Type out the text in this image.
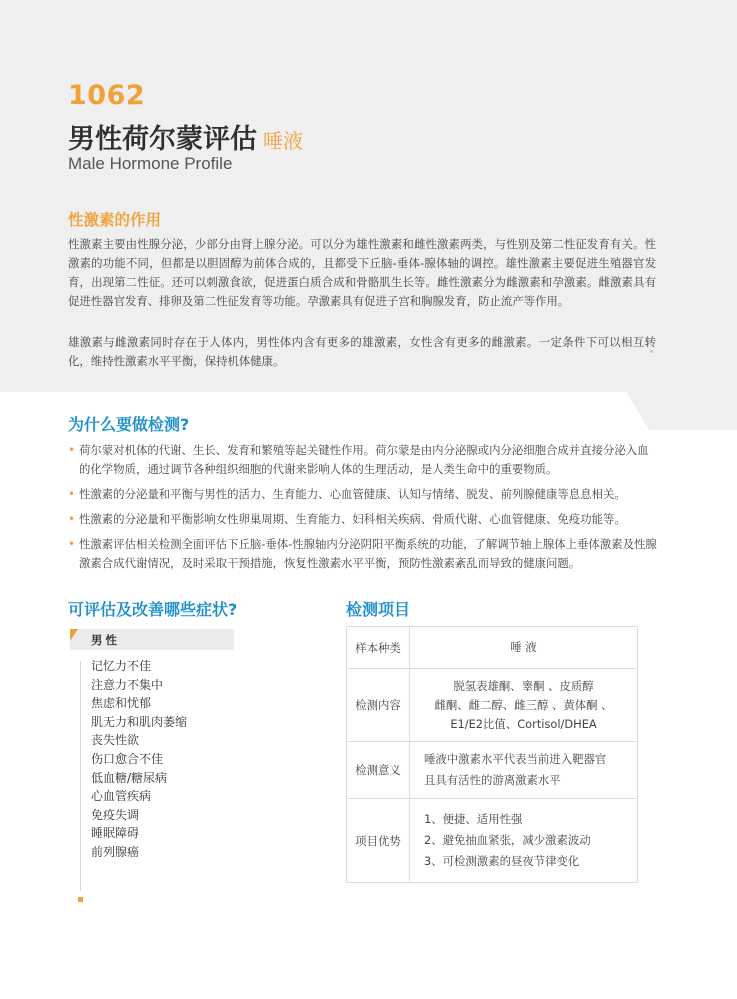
1062
男性荷尔蒙评估 唾液
Male Hormone Profile
性激素的作用

性激素主要由性腺分泌，少部分由肾上腺分泌。可以分为雄性激素和雌性激素两类，与性别及第二性征发育有关。性激素的功能不同，但都是以胆固醇为前体合成的，且都受下丘脑-垂体-腺体轴的调控。雄性激素主要促进生殖器官发育，出现第二性征。还可以刺激食欲，促进蛋白质合成和骨骼肌生长等。雌性激素分为雌激素和孕激素。雌激素具有促进性器官发育、排卵及第二性征发育等功能。孕激素具有促进子宫和胸腺发育，防止流产等作用。

雄激素与雌激素同时存在于人体内，男性体内含有更多的雄激素，女性含有更多的雌激素。一定条件下可以相互转化，维持性激素水平平衡，保持机体健康。

为什么要做检测?
• 荷尔蒙对机体的代谢、生长、发育和繁殖等起关键性作用。荷尔蒙是由内分泌腺或内分泌细胞合成并直接分泌入血的化学物质，通过调节各种组织细胞的代谢来影响人体的生理活动，是人类生命中的重要物质。
• 性激素的分泌量和平衡与男性的活力、生育能力、心血管健康、认知与情绪、脱发、前列腺健康等息息相关。
• 性激素的分泌量和平衡影响女性卵巢周期、生育能力、妇科相关疾病、骨质代谢、心血管健康、免疫功能等。
• 性激素评估相关检测全面评估下丘脑-垂体-性腺轴内分泌阴阳平衡系统的功能，了解调节轴上腺体上垂体激素及性腺激素合成代谢情况，及时采取干预措施，恢复性激素水平平衡，预防性激素紊乱而导致的健康问题。
可评估及改善哪些症状?
男性
记忆力不佳
注意力不集中
焦虑和忧郁
肌无力和肌肉萎缩
丧失性欲
伤口愈合不佳
低血糖/糖尿病
心血管疾病
免疫失调
睡眠障碍
前列腺癌
检测项目
样本种类	唾 液

检测内容	脱氢表雄酮、睾酮 、皮质醇
雌酮、雌二醇、雌三醇 、黄体酮 、
E1/E2比值、Cortisol/DHEA

检测意义	唾液中激素水平代表当前进入靶器官
且具有活性的游离激素水平

项目优势	1、便捷、适用性强
2、避免抽血紧张，减少激素波动
3、可检测激素的昼夜节律变化
